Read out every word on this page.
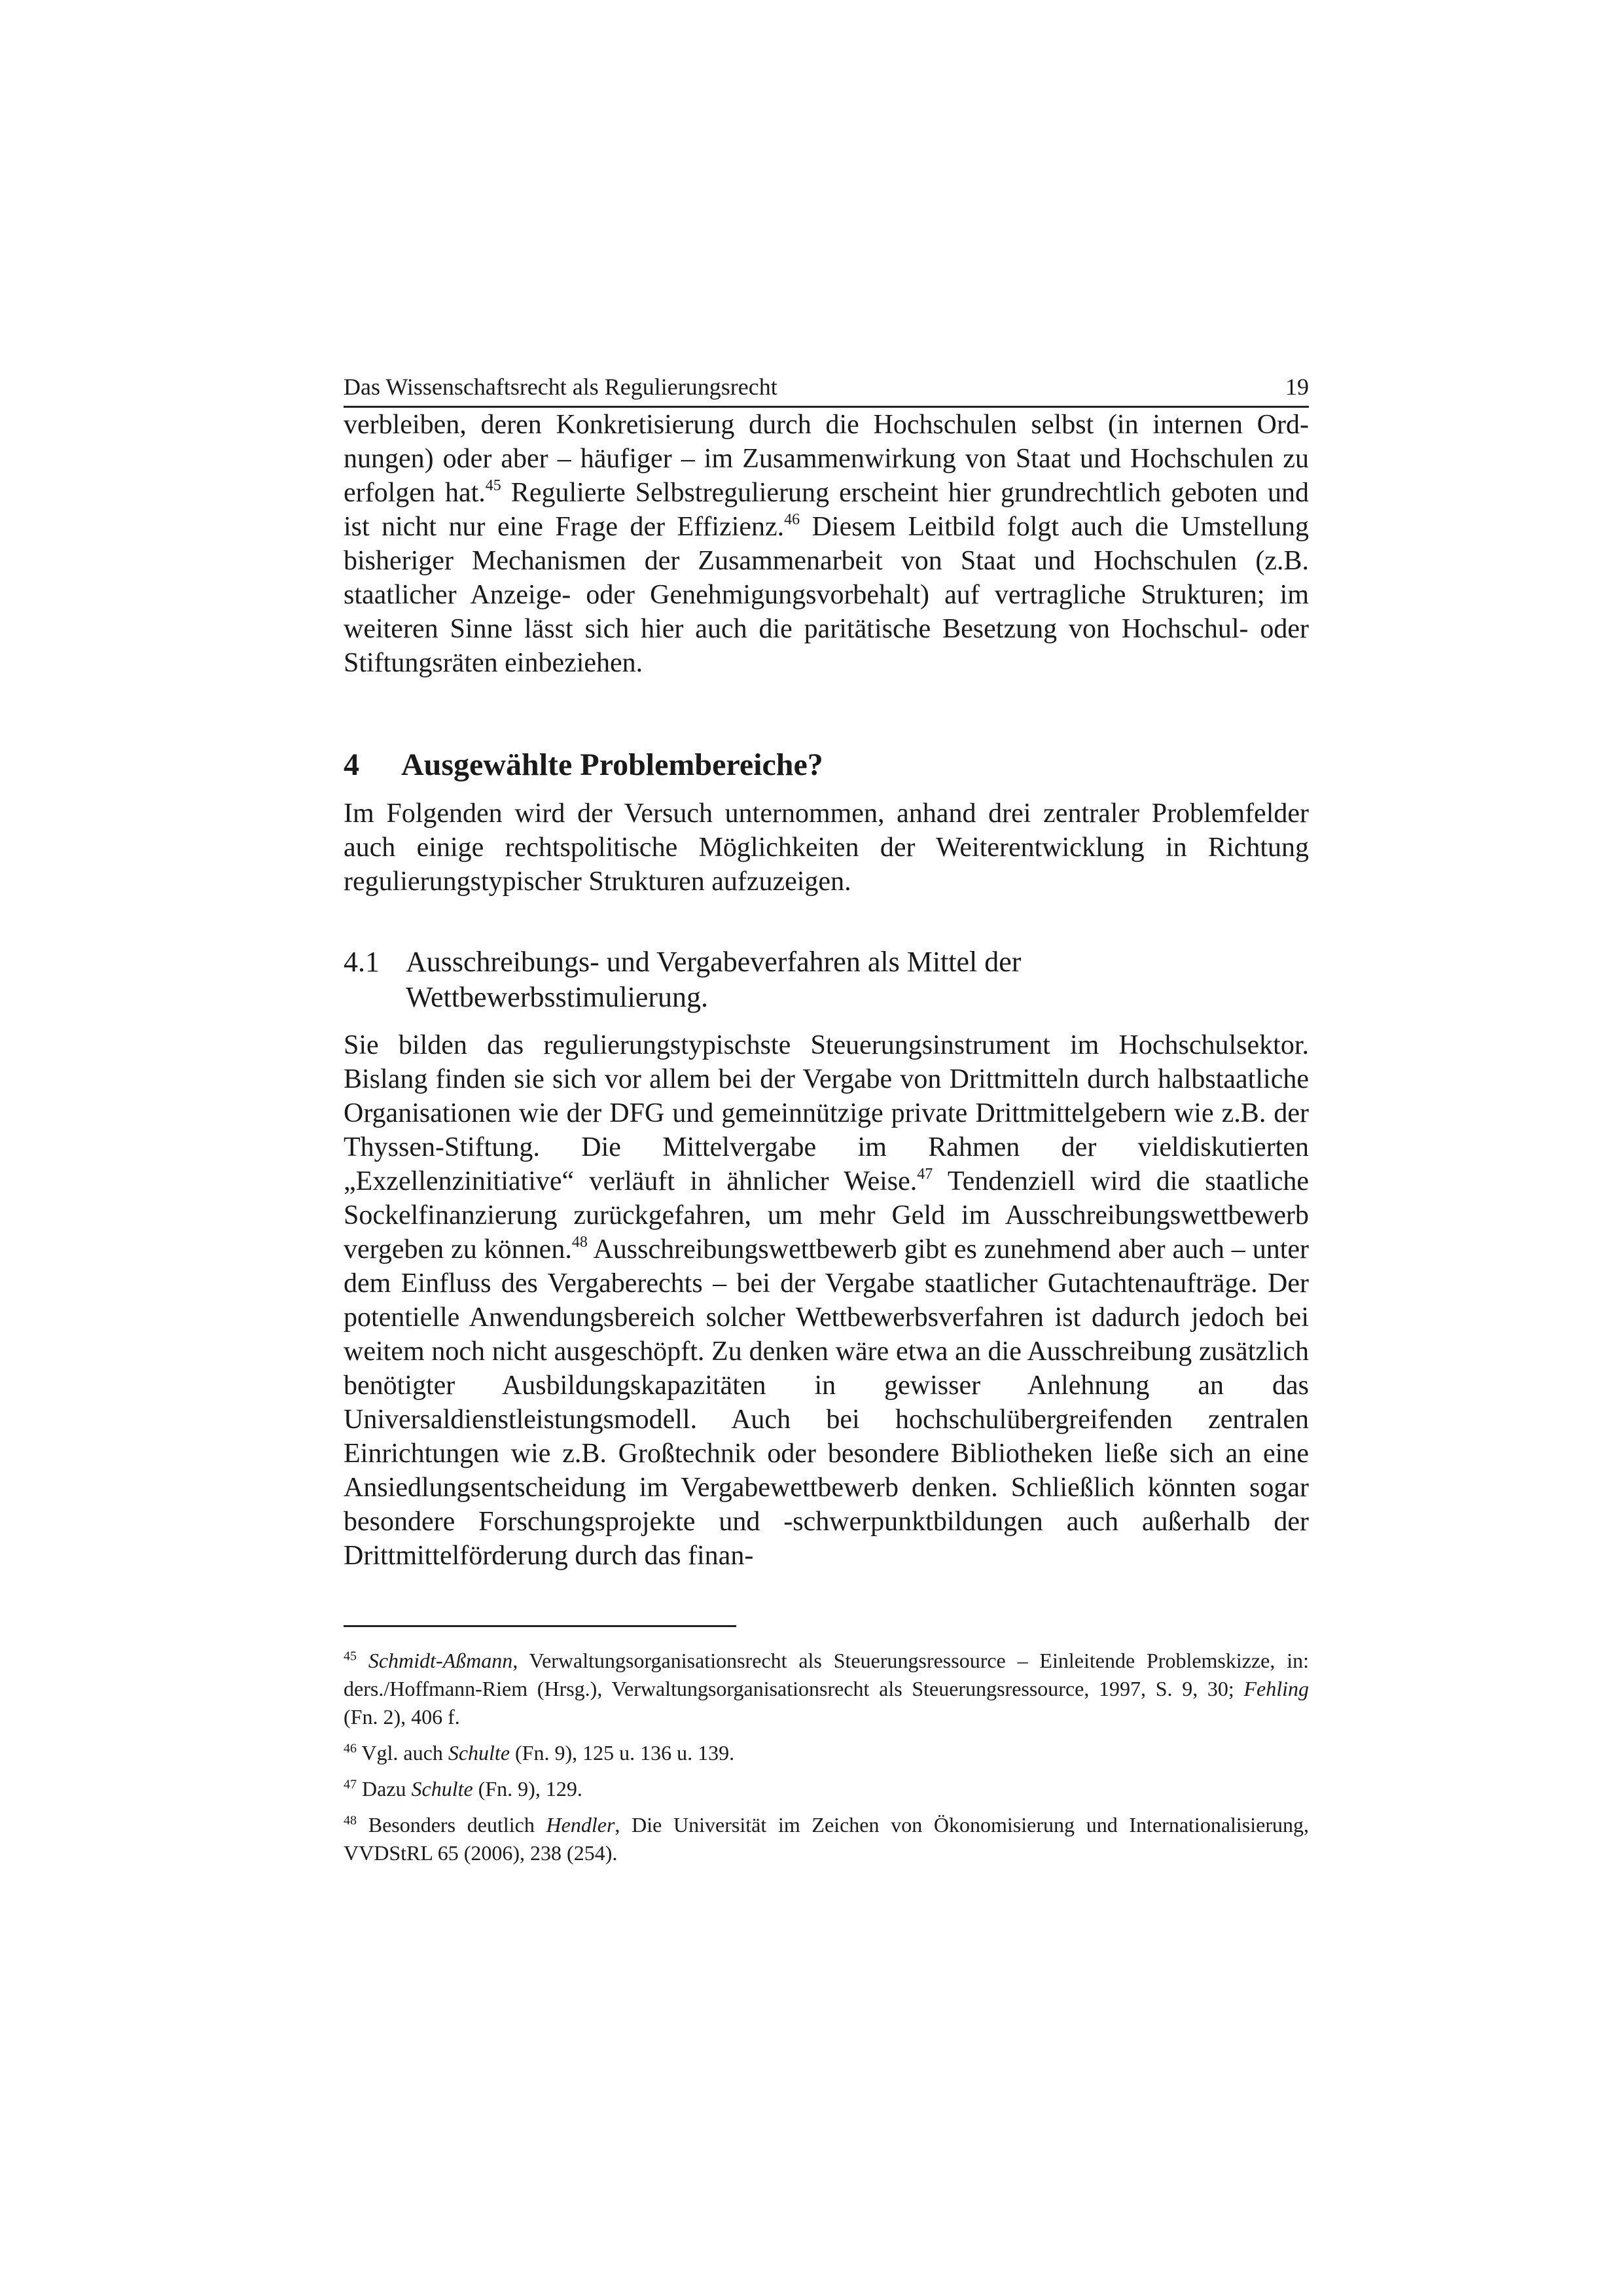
Das Wissenschaftsrecht als Regulierungsrecht	19

verbleiben, deren Konkretisierung durch die Hochschulen selbst (in internen Ordnungen) oder aber – häufiger – im Zusammenwirkung von Staat und Hochschulen zu erfolgen hat.$^{45}$ Regulierte Selbstregulierung erscheint hier grundrechtlich geboten und ist nicht nur eine Frage der Effizienz.$^{46}$ Diesem Leitbild folgt auch die Umstellung bisheriger Mechanismen der Zusammenarbeit von Staat und Hochschulen (z.B. staatlicher Anzeige- oder Genehmigungsvorbehalt) auf vertragliche Strukturen; im weiteren Sinne lässt sich hier auch die paritätische Besetzung von Hochschul- oder Stiftungsräten einbeziehen.

4	Ausgewählte Problembereiche?

Im Folgenden wird der Versuch unternommen, anhand drei zentraler Problemfelder auch einige rechtspolitische Möglichkeiten der Weiterentwicklung in Richtung regulierungstypischer Strukturen aufzuzeigen.

4.1 Ausschreibungs- und Vergabeverfahren als Mittel der Wettbewerbsstimulierung.

Sie bilden das regulierungstypischste Steuerungsinstrument im Hochschulsektor. Bislang finden sie sich vor allem bei der Vergabe von Drittmitteln durch halbstaatliche Organisationen wie der DFG und gemeinnützige private Drittmittelgebern wie z.B. der Thyssen-Stiftung. Die Mittelvergabe im Rahmen der vieldiskutierten „Exzellenzinitiative“ verläuft in ähnlicher Weise.$^{47}$ Tendenziell wird die staatliche Sockelfinanzierung zurückgefahren, um mehr Geld im Ausschreibungswettbewerb vergeben zu können.$^{48}$ Ausschreibungswettbewerb gibt es zunehmend aber auch – unter dem Einfluss des Vergaberechts – bei der Vergabe staatlicher Gutachtenaufträge. Der potentielle Anwendungsbereich solcher Wettbewerbsverfahren ist dadurch jedoch bei weitem noch nicht ausgeschöpft. Zu denken wäre etwa an die Ausschreibung zusätzlich benötigter Ausbildungskapazitäten in gewisser Anlehnung an das Universaldienstleistungsmodell. Auch bei hochschulübergreifenden zentralen Einrichtungen wie z.B. Großtechnik oder besondere Bibliotheken ließe sich an eine Ansiedlungsentscheidung im Vergabewettbewerb denken. Schließlich könnten sogar besondere Forschungsprojekte und -schwerpunktbildungen auch außerhalb der Drittmittelförderung durch das finan-

$^{45}$ Schmidt-Aßmann, Verwaltungsorganisationsrecht als Steuerungsressource – Einleitende Problemskizze, in: ders./Hoffmann-Riem (Hrsg.), Verwaltungsorganisationsrecht als Steuerungsressource, 1997, S. 9, 30; Fehling (Fn. 2), 406 f.

$^{46}$ Vgl. auch Schulte (Fn. 9), 125 u. 136 u. 139.

$^{47}$ Dazu Schulte (Fn. 9), 129.

$^{48}$ Besonders deutlich Hendler, Die Universität im Zeichen von Ökonomisierung und Internationalisierung, VVDStRL 65 (2006), 238 (254).
